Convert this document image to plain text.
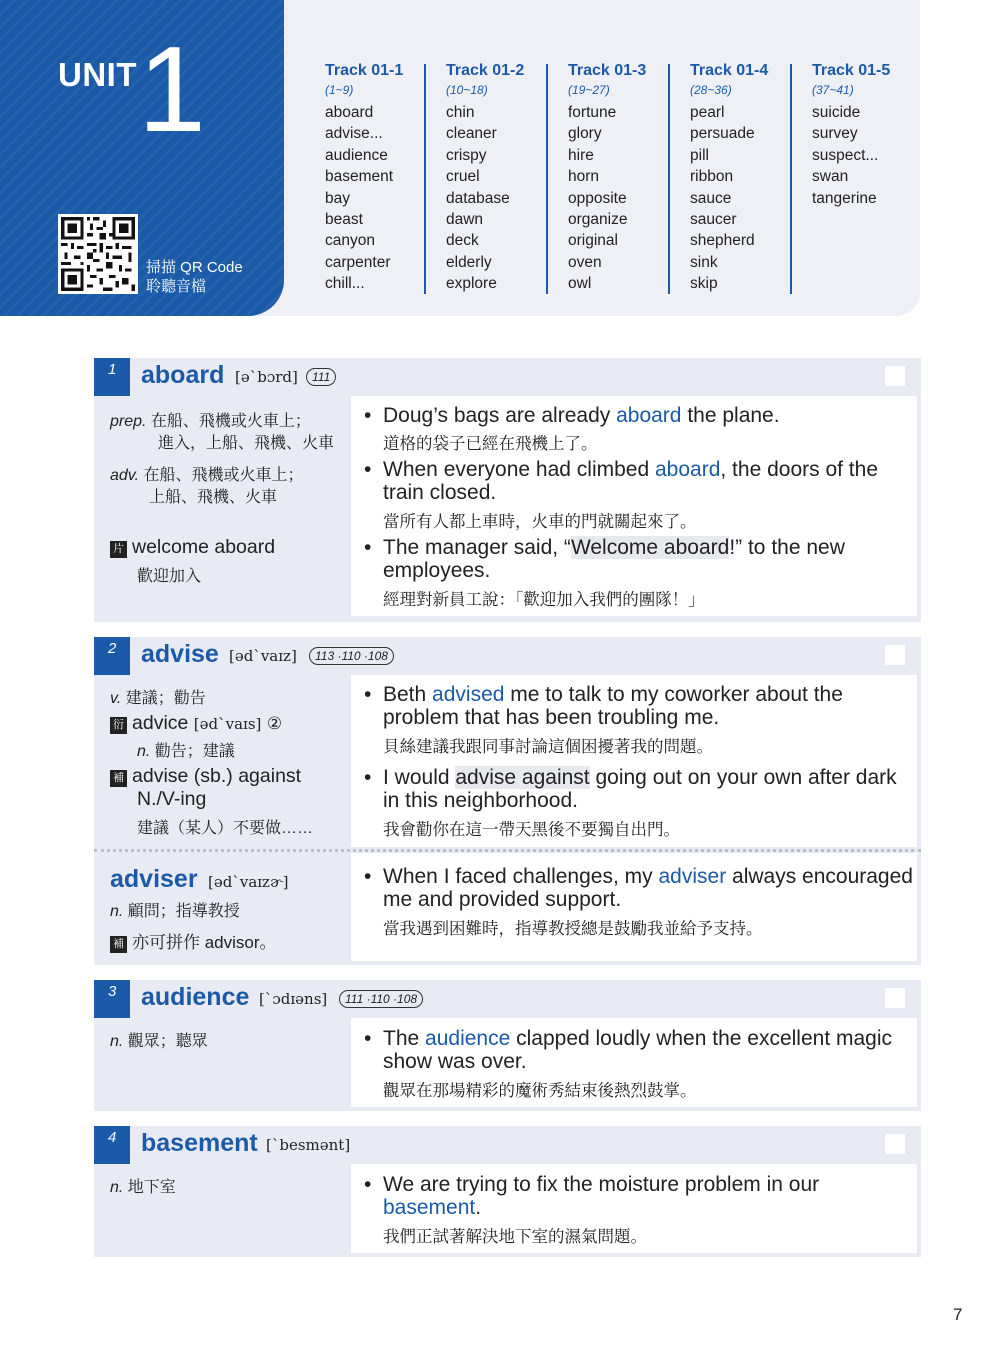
UNIT 1
掃描 QR Code
聆聽音檔
Track 01-1
(1~9)
aboard
advise...
audience
basement
bay
beast
canyon
carpenter
chill...
Track 01-2
(10~18)
chin
cleaner
crispy
cruel
database
dawn
deck
elderly
explore
Track 01-3
(19~27)
fortune
glory
hire
horn
opposite
organize
original
oven
owl
Track 01-4
(28~36)
pearl
persuade
pill
ribbon
sauce
saucer
shepherd
sink
skip
Track 01-5
(37~41)
suicide
survey
suspect...
swan
tangerine
1 aboard [əˋbɔrd]	111
prep. 在船、飛機或火車上；
進入，上船、飛機、火車
adv. 在船、飛機或火車上；
上船、飛機、火車
片 welcome aboard
歡迎加入
• Doug’s bags are already aboard the plane.
道格的袋子已經在飛機上了。
• When everyone had climbed aboard, the doors of the train closed.
當所有人都上車時，火車的門就關起來了。
• The manager said, “Welcome aboard!” to the new employees.
經理對新員工說：「歡迎加入我們的團隊！」
2 advise [ədˋvaɪz]	113 ·110 ·108
v. 建議；勸告
衍 advice [ədˋvaɪs] ②
n. 勸告；建議
補 advise (sb.) against
N./V-ing
建議（某人）不要做……
• Beth advised me to talk to my coworker about the problem that has been troubling me.
貝絲建議我跟同事討論這個困擾著我的問題。
• I would advise against going out on your own after dark in this neighborhood.
我會勸你在這一帶天黑後不要獨自出門。
adviser [ədˋvaɪzɚ]
n. 顧問；指導教授
補 亦可拼作 advisor。
• When I faced challenges, my adviser always encouraged me and provided support.
當我遇到困難時，指導教授總是鼓勵我並給予支持。
3 audience [ˋɔdɪəns]	111 ·110 ·108
n. 觀眾；聽眾	• The audience clapped loudly when the excellent magic show was over.
觀眾在那場精彩的魔術秀結束後熱烈鼓掌。
4 basement [ˋbesmənt]
n. 地下室	• We are trying to fix the moisture problem in our basement.
我們正試著解決地下室的濕氣問題。
7
